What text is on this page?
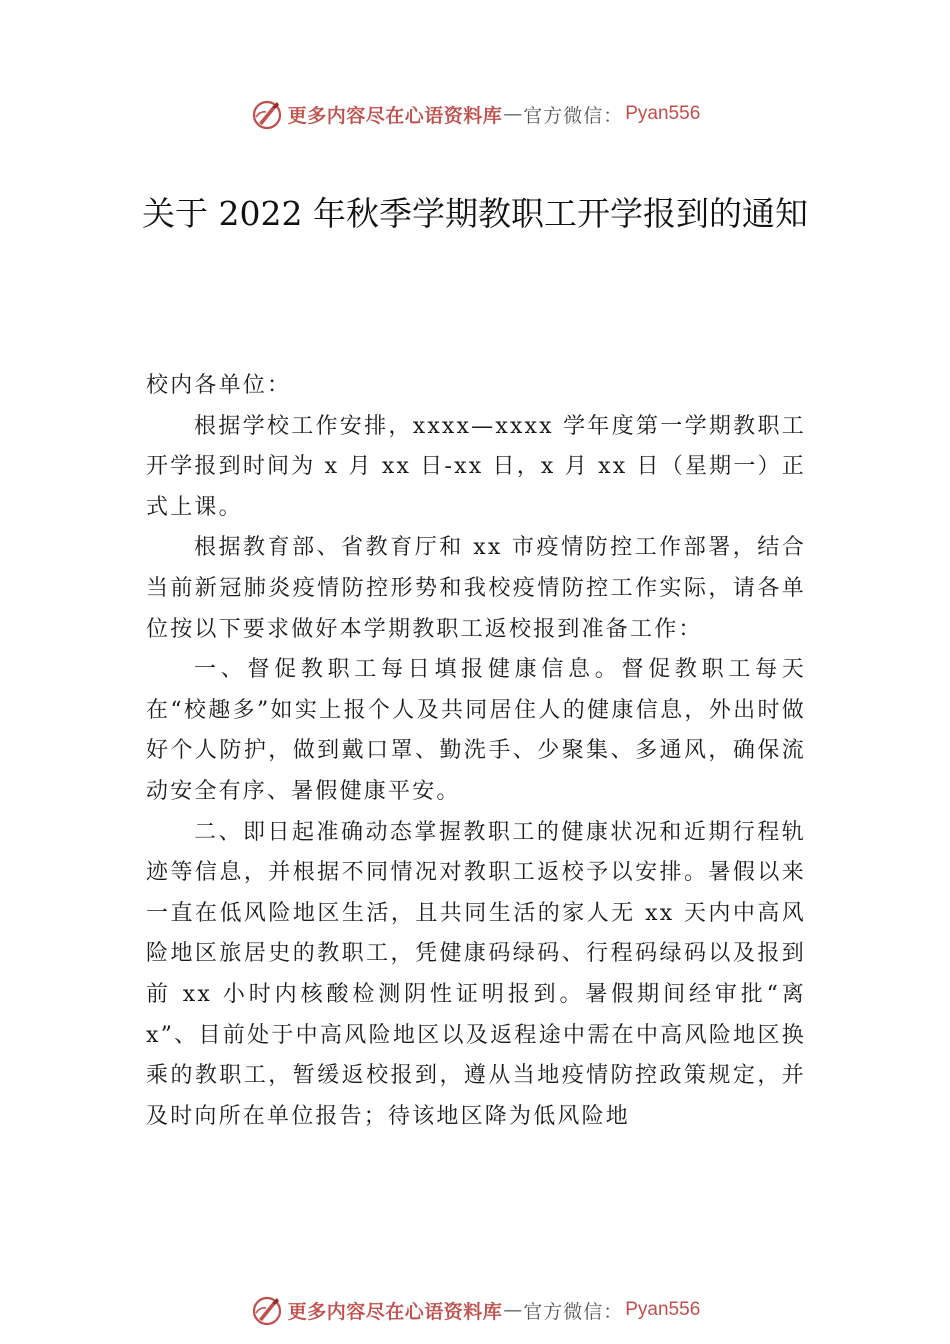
更多内容尽在心语资料库 — 官方微信： Pyan556
关于 2022 年秋季学期教职工开学报到的通知

校内各单位：

根据学校工作安排，xxxx—xxxx 学年度第一学期教职工开学报到时间为 x 月 xx 日-xx 日，x 月 xx 日（星期一）正式上课。

根据教育部、省教育厅和 xx 市疫情防控工作部署，结合当前新冠肺炎疫情防控形势和我校疫情防控工作实际，请各单位按以下要求做好本学期教职工返校报到准备工作：

一、督促教职工每日填报健康信息。督促教职工每天在“校趣多”如实上报个人及共同居住人的健康信息，外出时做好个人防护，做到戴口罩、勤洗手、少聚集、多通风，确保流动安全有序、暑假健康平安。

二、即日起准确动态掌握教职工的健康状况和近期行程轨迹等信息，并根据不同情况对教职工返校予以安排。暑假以来一直在低风险地区生活，且共同生活的家人无 xx 天内中高风险地区旅居史的教职工，凭健康码绿码、行程码绿码以及报到前 xx 小时内核酸检测阴性证明报到。暑假期间经审批“离 x”、目前处于中高风险地区以及返程途中需在中高风险地区换乘的教职工，暂缓返校报到，遵从当地疫情防控政策规定，并及时向所在单位报告；待该地区降为低风险地

更多内容尽在心语资料库 — 官方微信： Pyan556
